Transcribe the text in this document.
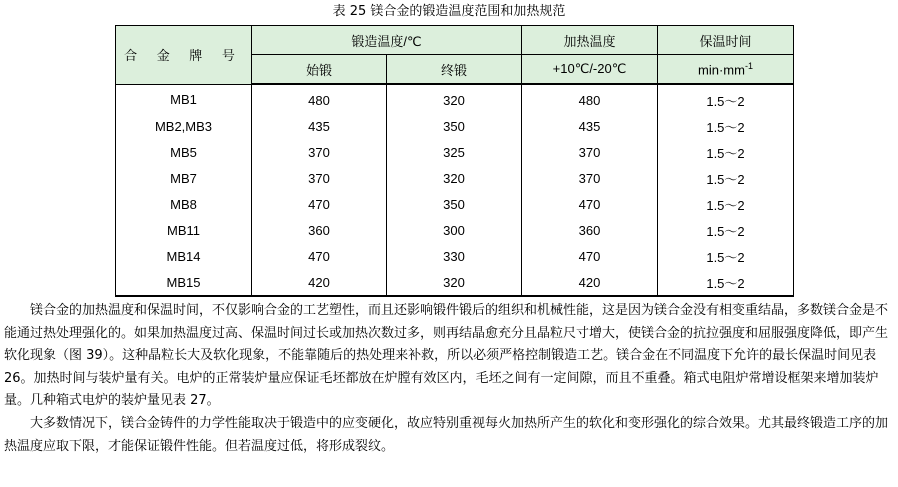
表 25 镁合金的锻造温度范围和加热规范
合 金 牌 号	锻造温度/℃		加热温度	保温时间
	始锻	终锻	+10℃/-20℃	$\min\cdot mm^{-1}$
MB1	480	320	480	1.5～2
MB2,MB3	435	350	435	1.5～2
MB5	370	325	370	1.5～2
MB7	370	320	370	1.5～2
MB8	470	350	470	1.5～2
MB11	360	300	360	1.5～2
MB14	470	330	470	1.5～2
MB15	420	320	420	1.5～2

镁合金的加热温度和保温时间，不仅影响合金的工艺塑性，而且还影响锻件锻后的组织和机械性能，这是因为镁合金没有相变重结晶，多数镁合金是不能通过热处理强化的。如果加热温度过高、保温时间过长或加热次数过多，则再结晶愈充分且晶粒尺寸增大，使镁合金的抗拉强度和屈服强度降低，即产生软化现象（图 39）。这种晶粒长大及软化现象，不能靠随后的热处理来补救，所以必须严格控制锻造工艺。镁合金在不同温度下允许的最长保温时间见表 26。加热时间与装炉量有关。电炉的正常装炉量应保证毛坯都放在炉膛有效区内，毛坯之间有一定间隙，而且不重叠。箱式电阻炉常增设框架来增加装炉量。几种箱式电炉的装炉量见表 27。

大多数情况下，镁合金铸件的力学性能取决于锻造中的应变硬化，故应特别重视每火加热所产生的软化和变形强化的综合效果。尤其最终锻造工序的加热温度应取下限，才能保证锻件性能。但若温度过低，将形成裂纹。
